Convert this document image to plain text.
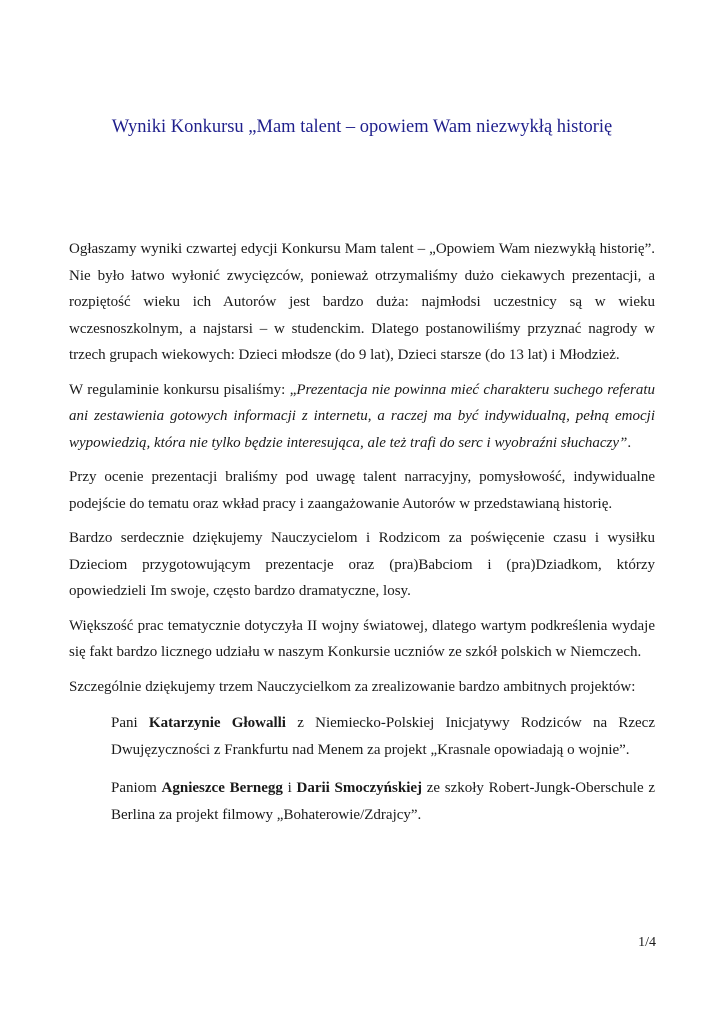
Wyniki Konkursu „Mam talent – opowiem Wam niezwykłą historię

Ogłaszamy wyniki czwartej edycji Konkursu Mam talent – „Opowiem Wam niezwykłą historię”. Nie było łatwo wyłonić zwycięzców, ponieważ otrzymaliśmy dużo ciekawych prezentacji, a rozpiętość wieku ich Autorów jest bardzo duża: najmłodsi uczestnicy są w wieku wczesnoszkolnym, a najstarsi – w studenckim. Dlatego postanowiliśmy przyznać nagrody w trzech grupach wiekowych: Dzieci młodsze (do 9 lat), Dzieci starsze (do 13 lat) i Młodzież.

W regulaminie konkursu pisaliśmy: „Prezentacja nie powinna mieć charakteru suchego referatu ani zestawienia gotowych informacji z internetu, a raczej ma być indywidualną, pełną emocji wypowiedzią, która nie tylko będzie interesująca, ale też trafi do serc i wyobraźni słuchaczy”.

Przy ocenie prezentacji braliśmy pod uwagę talent narracyjny, pomysłowość, indywidualne podejście do tematu oraz wkład pracy i zaangażowanie Autorów w przedstawianą historię.

Bardzo serdecznie dziękujemy Nauczycielom i Rodzicom za poświęcenie czasu i wysiłku Dzieciom przygotowującym prezentacje oraz (pra)Babciom i (pra)Dziadkom, którzy opowiedzieli Im swoje, często bardzo dramatyczne, losy.

Większość prac tematycznie dotyczyła II wojny światowej, dlatego wartym podkreślenia wydaje się fakt bardzo licznego udziału w naszym Konkursie uczniów ze szkół polskich w Niemczech.

Szczególnie dziękujemy trzem Nauczycielkom za zrealizowanie bardzo ambitnych projektów:

Pani Katarzynie Głowalli z Niemiecko-Polskiej Inicjatywy Rodziców na Rzecz Dwujęzyczności z Frankfurtu nad Menem za projekt „Krasnale opowiadają o wojnie”.

Paniom Agnieszce Bernegg i Darii Smoczyńskiej ze szkoły Robert-Jungk-Oberschule z Berlina za projekt filmowy „Bohaterowie/Zdrajcy”.

1/4
